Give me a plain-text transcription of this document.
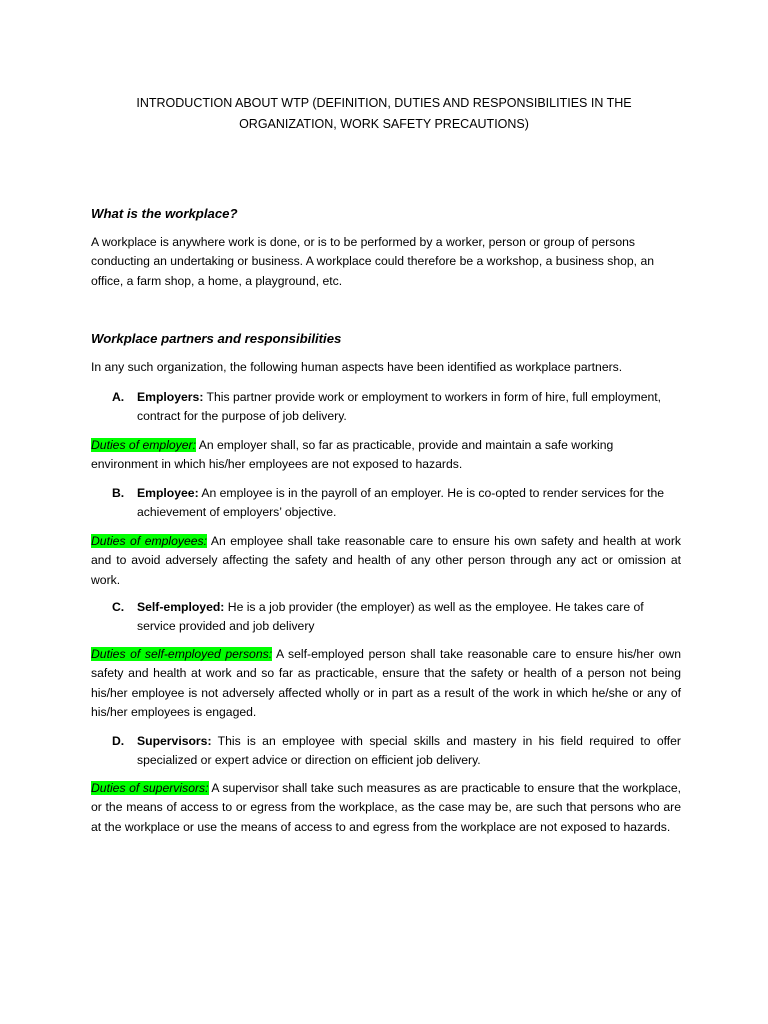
INTRODUCTION ABOUT WTP (DEFINITION, DUTIES AND RESPONSIBILITIES IN THE ORGANIZATION, WORK SAFETY PRECAUTIONS)
What is the workplace?

A workplace is anywhere work is done, or is to be performed by a worker, person or group of persons conducting an undertaking or business. A workplace could therefore be a workshop, a business shop, an office, a farm shop, a home, a playground, etc.

Workplace partners and responsibilities

In any such organization, the following human aspects have been identified as workplace partners.

A. Employers: This partner provide work or employment to workers in form of hire, full employment, contract for the purpose of job delivery.

Duties of employer: An employer shall, so far as practicable, provide and maintain a safe working environment in which his/her employees are not exposed to hazards.

B. Employee: An employee is in the payroll of an employer. He is co-opted to render services for the achievement of employers’ objective.

Duties of employees: An employee shall take reasonable care to ensure his own safety and health at work and to avoid adversely affecting the safety and health of any other person through any act or omission at work.

C. Self-employed: He is a job provider (the employer) as well as the employee. He takes care of service provided and job delivery

Duties of self-employed persons: A self-employed person shall take reasonable care to ensure his/her own safety and health at work and so far as practicable, ensure that the safety or health of a person not being his/her employee is not adversely affected wholly or in part as a result of the work in which he/she or any of his/her employees is engaged.

D. Supervisors: This is an employee with special skills and mastery in his field required to offer specialized or expert advice or direction on efficient job delivery.

Duties of supervisors: A supervisor shall take such measures as are practicable to ensure that the workplace, or the means of access to or egress from the workplace, as the case may be, are such that persons who are at the workplace or use the means of access to and egress from the workplace are not exposed to hazards.
